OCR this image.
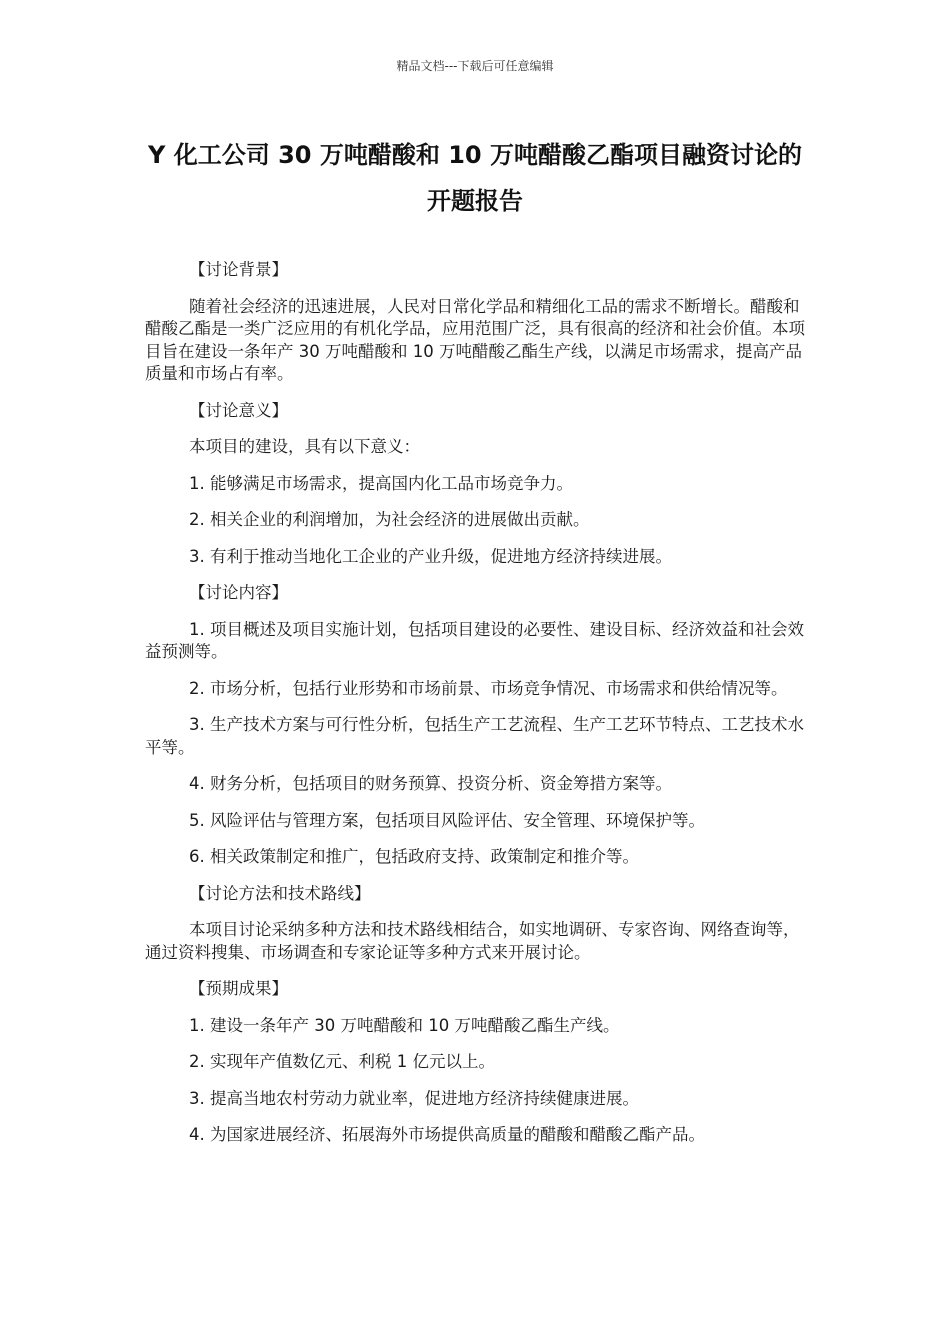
精品文档---下载后可任意编辑
Y 化工公司 30 万吨醋酸和 10 万吨醋酸乙酯项目融资讨论的开题报告

【讨论背景】

随着社会经济的迅速进展，人民对日常化学品和精细化工品的需求不断增长。醋酸和醋酸乙酯是一类广泛应用的有机化学品，应用范围广泛，具有很高的经济和社会价值。本项目旨在建设一条年产 30 万吨醋酸和 10 万吨醋酸乙酯生产线，以满足市场需求，提高产品质量和市场占有率。

【讨论意义】

本项目的建设，具有以下意义：

1. 能够满足市场需求，提高国内化工品市场竞争力。

2. 相关企业的利润增加，为社会经济的进展做出贡献。

3. 有利于推动当地化工企业的产业升级，促进地方经济持续进展。

【讨论内容】

1. 项目概述及项目实施计划，包括项目建设的必要性、建设目标、经济效益和社会效益预测等。

2. 市场分析，包括行业形势和市场前景、市场竞争情况、市场需求和供给情况等。

3. 生产技术方案与可行性分析，包括生产工艺流程、生产工艺环节特点、工艺技术水平等。

4. 财务分析，包括项目的财务预算、投资分析、资金筹措方案等。

5. 风险评估与管理方案，包括项目风险评估、安全管理、环境保护等。

6. 相关政策制定和推广，包括政府支持、政策制定和推介等。

【讨论方法和技术路线】

本项目讨论采纳多种方法和技术路线相结合，如实地调研、专家咨询、网络查询等，通过资料搜集、市场调查和专家论证等多种方式来开展讨论。

【预期成果】

1. 建设一条年产 30 万吨醋酸和 10 万吨醋酸乙酯生产线。

2. 实现年产值数亿元、利税 1 亿元以上。

3. 提高当地农村劳动力就业率，促进地方经济持续健康进展。

4. 为国家进展经济、拓展海外市场提供高质量的醋酸和醋酸乙酯产品。
